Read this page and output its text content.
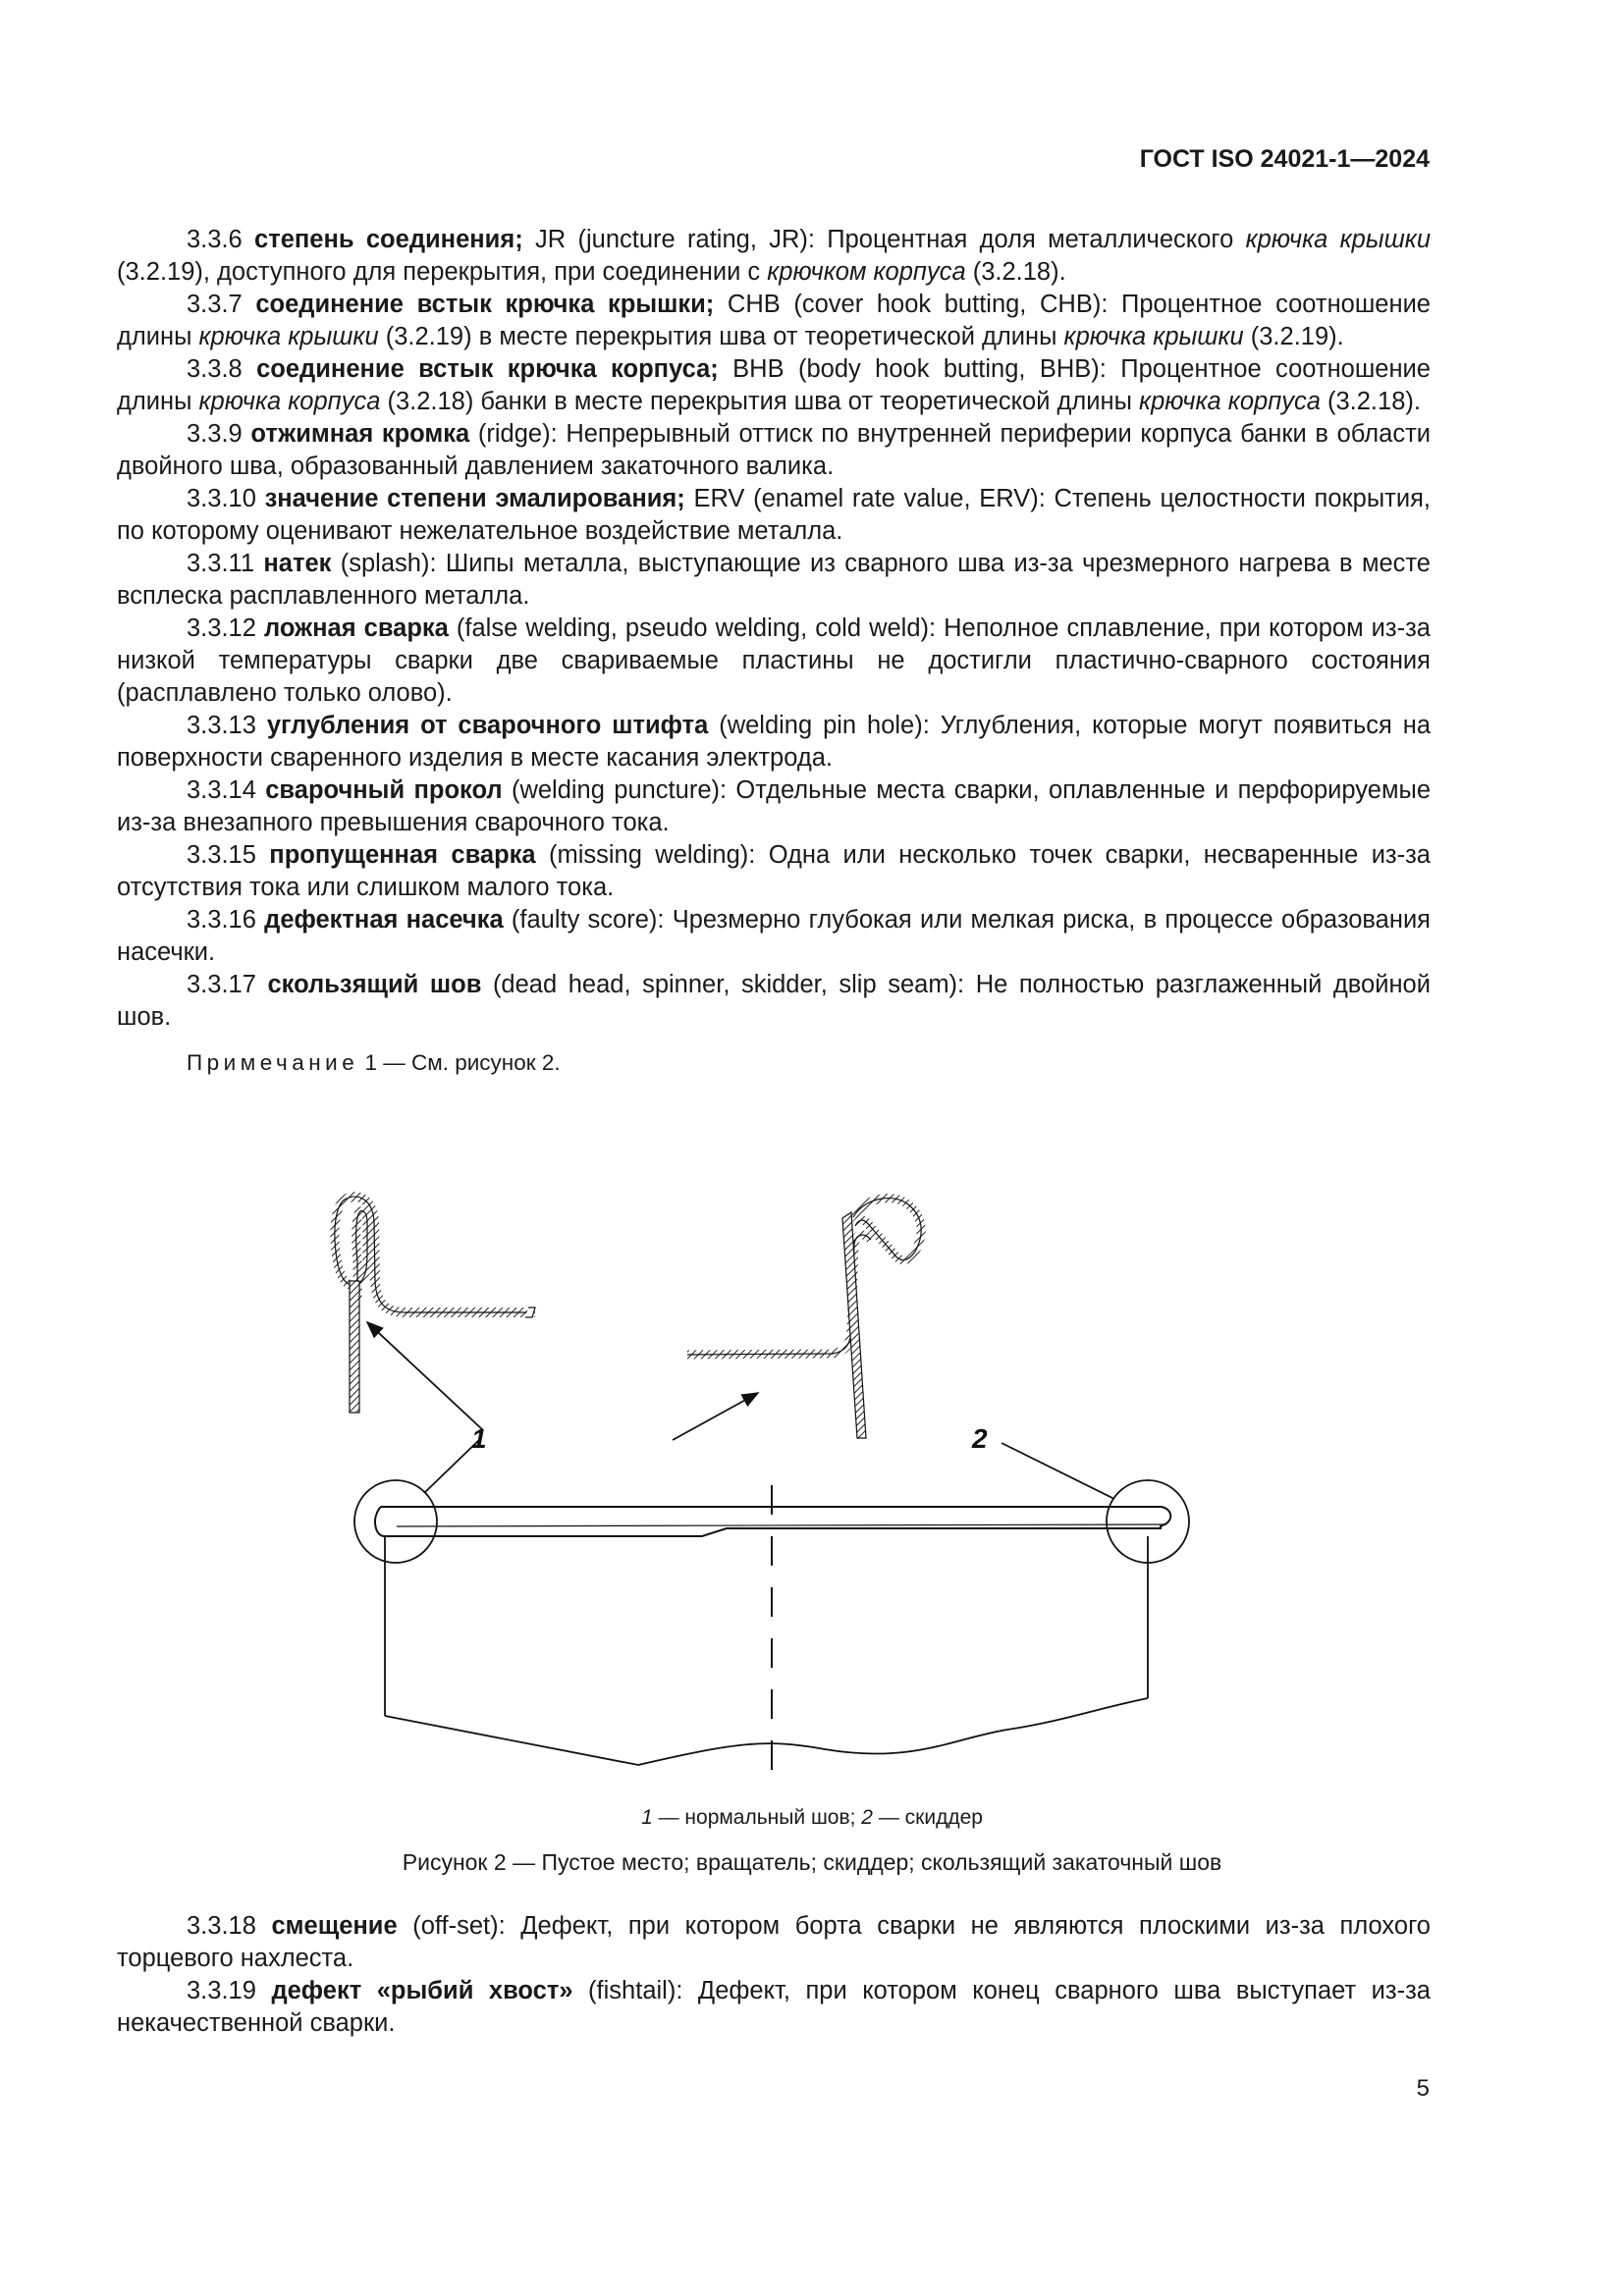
ГОСТ ISO 24021-1—2024

3.3.6 степень соединения; JR (juncture rating, JR): Процентная доля металлического крючка крышки (3.2.19), доступного для перекрытия, при соединении с крючком корпуса (3.2.18).

3.3.7 соединение встык крючка крышки; CHB (cover hook butting, CHB): Процентное соотношение длины крючка крышки (3.2.19) в месте перекрытия шва от теоретической длины крючка крышки (3.2.19).

3.3.8 соединение встык крючка корпуса; BHB (body hook butting, BHB): Процентное соотношение длины крючка корпуса (3.2.18) банки в месте перекрытия шва от теоретической длины крючка корпуса (3.2.18).

3.3.9 отжимная кромка (ridge): Непрерывный оттиск по внутренней периферии корпуса банки в области двойного шва, образованный давлением закаточного валика.

3.3.10 значение степени эмалирования; ERV (enamel rate value, ERV): Степень целостности покрытия, по которому оценивают нежелательное воздействие металла.

3.3.11 натек (splash): Шипы металла, выступающие из сварного шва из-за чрезмерного нагрева в месте всплеска расплавленного металла.

3.3.12 ложная сварка (false welding, pseudo welding, cold weld): Неполное сплавление, при котором из-за низкой температуры сварки две свариваемые пластины не достигли пластично-сварного состояния (расплавлено только олово).

3.3.13 углубления от сварочного штифта (welding pin hole): Углубления, которые могут появиться на поверхности сваренного изделия в месте касания электрода.

3.3.14 сварочный прокол (welding puncture): Отдельные места сварки, оплавленные и перфорируемые из-за внезапного превышения сварочного тока.

3.3.15 пропущенная сварка (missing welding): Одна или несколько точек сварки, несваренные из-за отсутствия тока или слишком малого тока.

3.3.16 дефектная насечка (faulty score): Чрезмерно глубокая или мелкая риска, в процессе образования насечки.

3.3.17 скользящий шов (dead head, spinner, skidder, slip seam): Не полностью разглаженный двойной шов.

Примечание 1 — См. рисунок 2.

1	2
1 — нормальный шов; 2 — скиддер
Рисунок 2 — Пустое место; вращатель; скиддер; скользящий закаточный шов

3.3.18 смещение (off-set): Дефект, при котором борта сварки не являются плоскими из-за плохого торцевого нахлеста.

3.3.19 дефект «рыбий хвост» (fishtail): Дефект, при котором конец сварного шва выступает из-за некачественной сварки.

5
